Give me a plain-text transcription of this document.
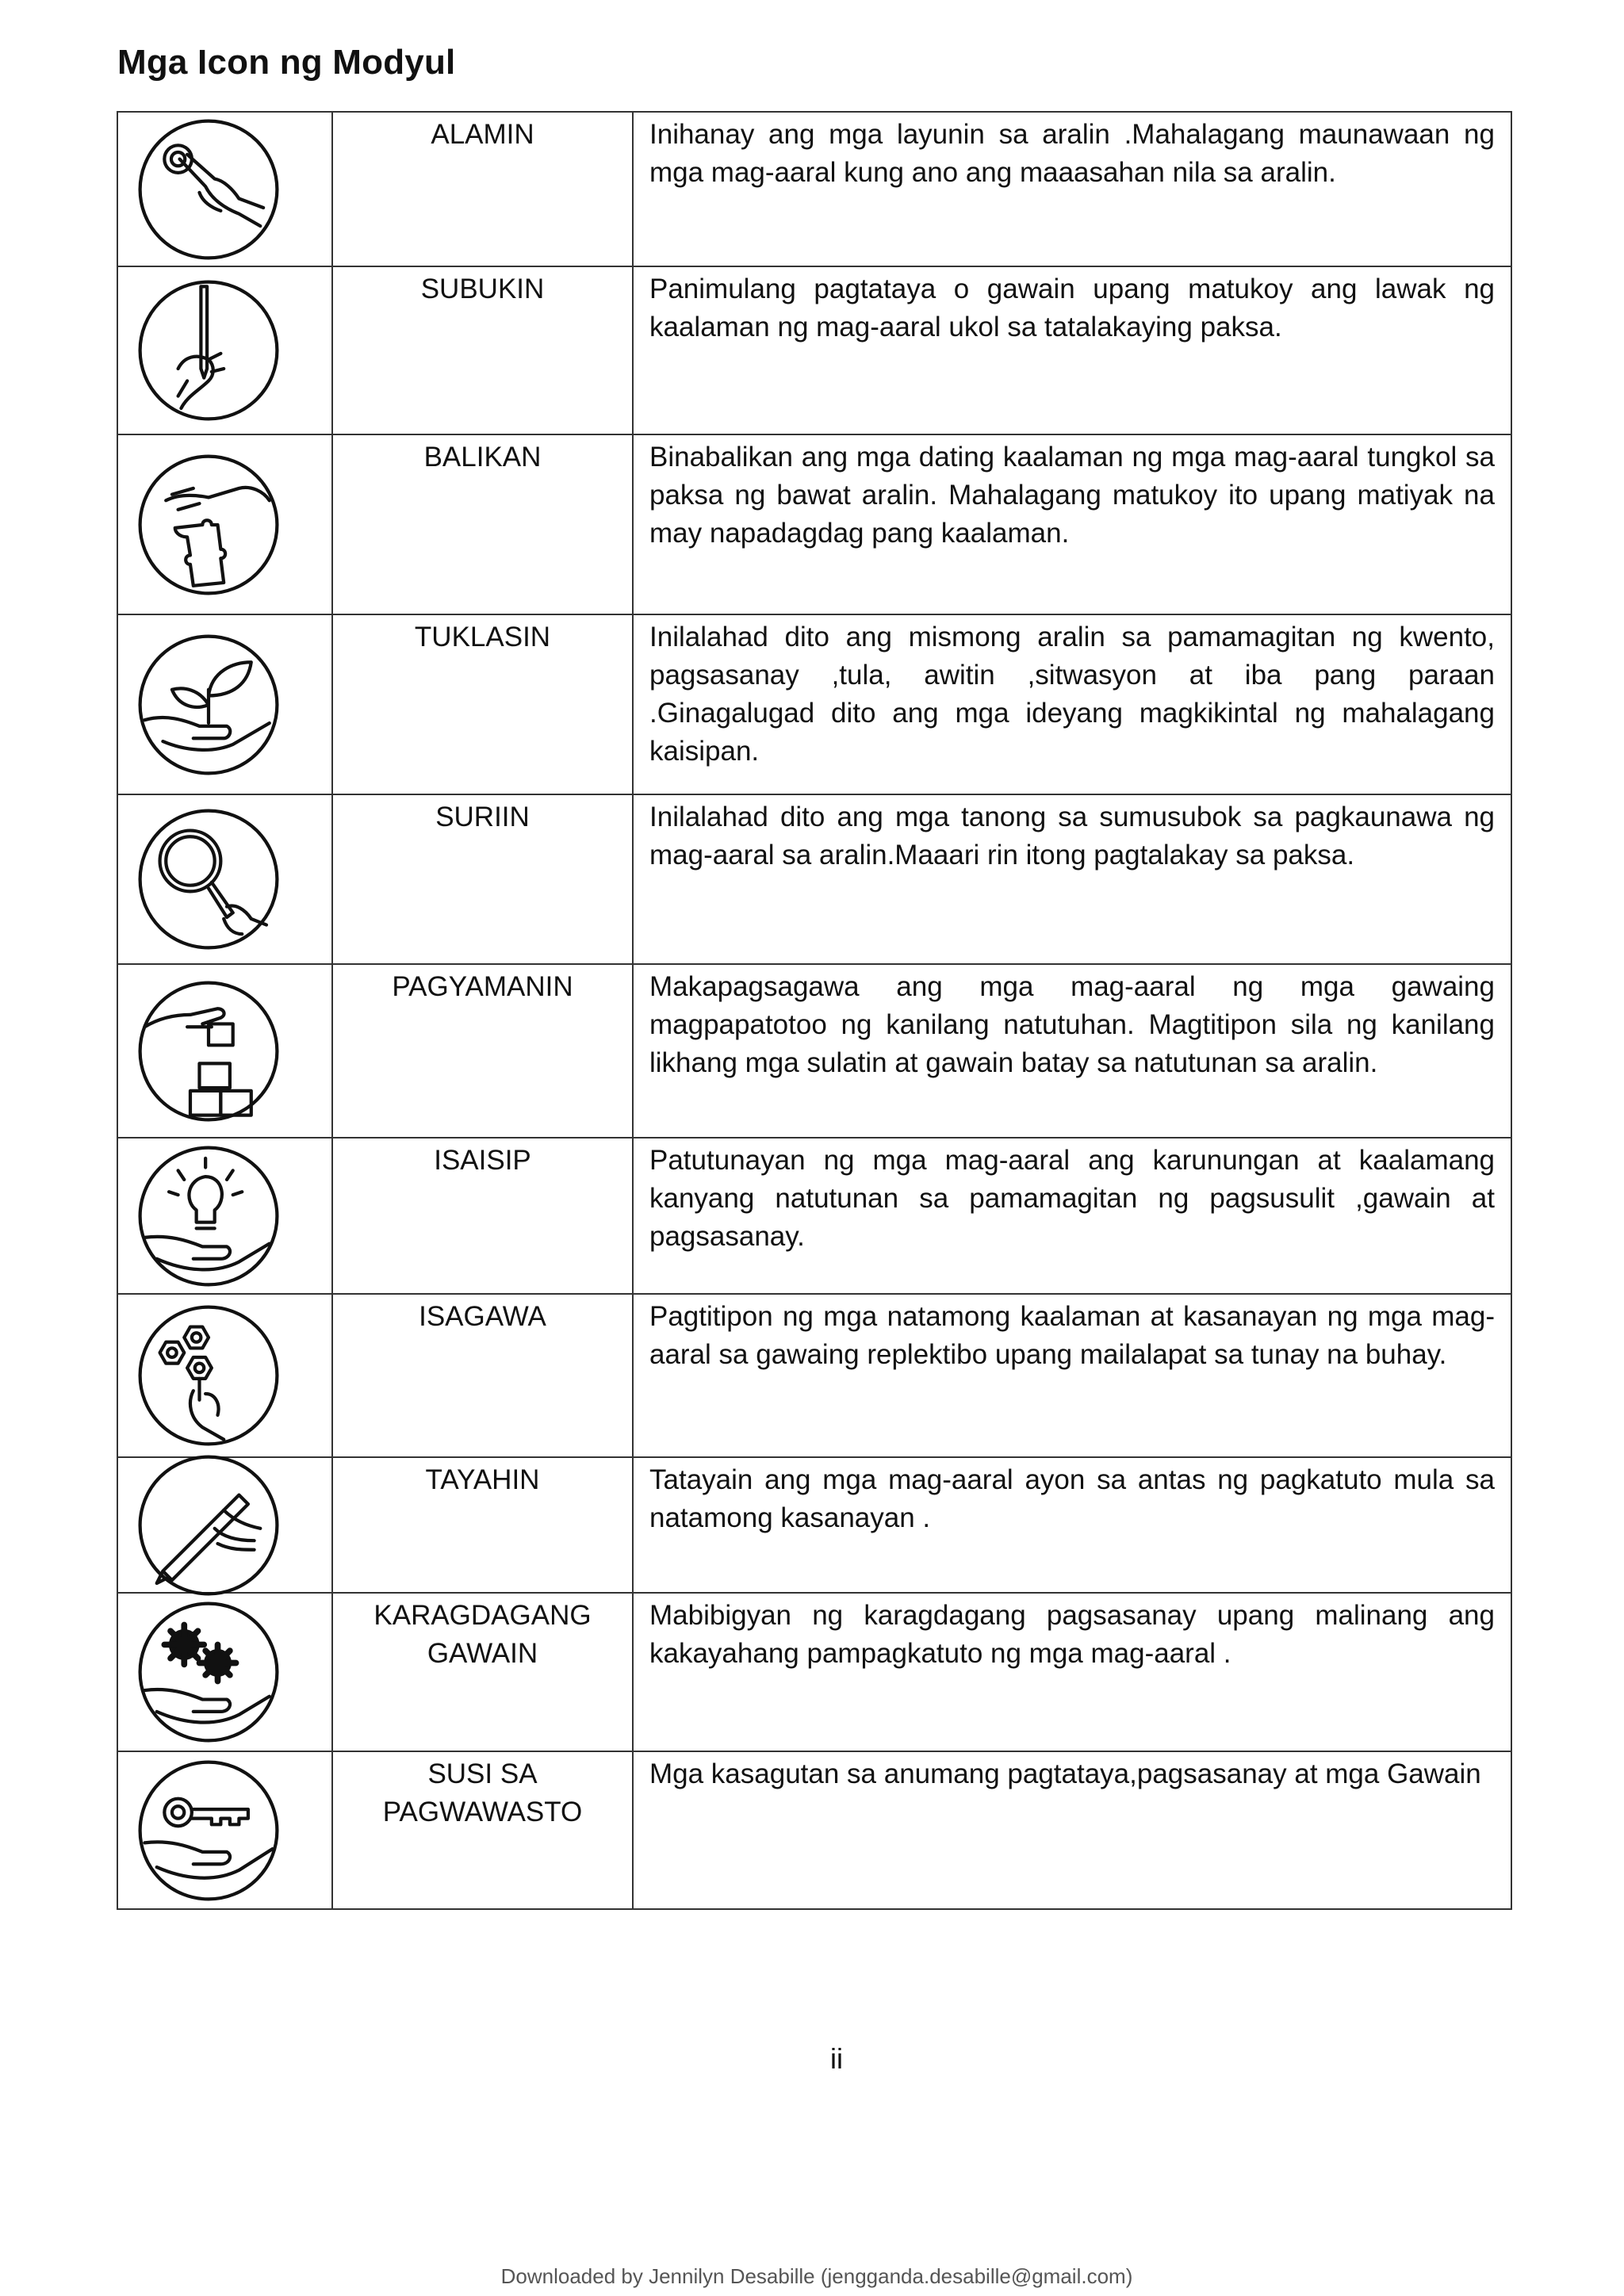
Mga Icon ng Modyul
	ALAMIN	Inihanay ang mga layunin sa aralin .Mahalagang maunawaan ng mga mag-aaral kung ano ang maaasahan nila sa aralin.

	SUBUKIN	Panimulang pagtataya o gawain upang matukoy ang lawak ng kaalaman ng mag-aaral ukol sa tatalakaying paksa.

	BALIKAN	Binabalikan ang mga dating kaalaman ng mga mag-aaral tungkol sa paksa ng bawat aralin. Mahalagang matukoy ito upang matiyak na may napadagdag pang kaalaman.

	TUKLASIN	Inilalahad dito ang mismong aralin sa pamamagitan ng kwento, pagsasanay ,tula, awitin ,sitwasyon at iba pang paraan .Ginagalugad dito ang mga ideyang magkikintal ng mahalagang kaisipan.

	SURIIN	Inilalahad dito ang mga tanong sa sumusubok sa pagkaunawa ng mag-aaral sa aralin.Maaari rin itong pagtalakay sa paksa.

	PAGYAMANIN	Makapagsagawa ang mga mag-aaral ng mga gawaing magpapatotoo ng kanilang natutuhan. Magtitipon sila ng kanilang likhang mga sulatin at gawain batay sa natutunan sa aralin.

	ISAISIP	Patutunayan ng mga mag-aaral ang karunungan at kaalamang kanyang natutunan sa pamamagitan ng pagsusulit ,gawain at pagsasanay.

	ISAGAWA	Pagtitipon ng mga natamong kaalaman at kasanayan ng mga mag-aaral sa gawaing replektibo upang mailalapat sa tunay na buhay.

	TAYAHIN	Tatayain ang mga mag-aaral ayon sa antas ng pagkatuto mula sa natamong kasanayan .

	KARAGDAGANG GAWAIN	Mabibigyan ng karagdagang pagsasanay upang malinang ang kakayahang pampagkatuto ng mga mag-aaral .

	SUSI SA PAGWAWASTO	Mga kasagutan sa anumang pagtataya,pagsasanay at mga Gawain
ii
Downloaded by Jennilyn Desabille (jengganda.desabille@gmail.com)
